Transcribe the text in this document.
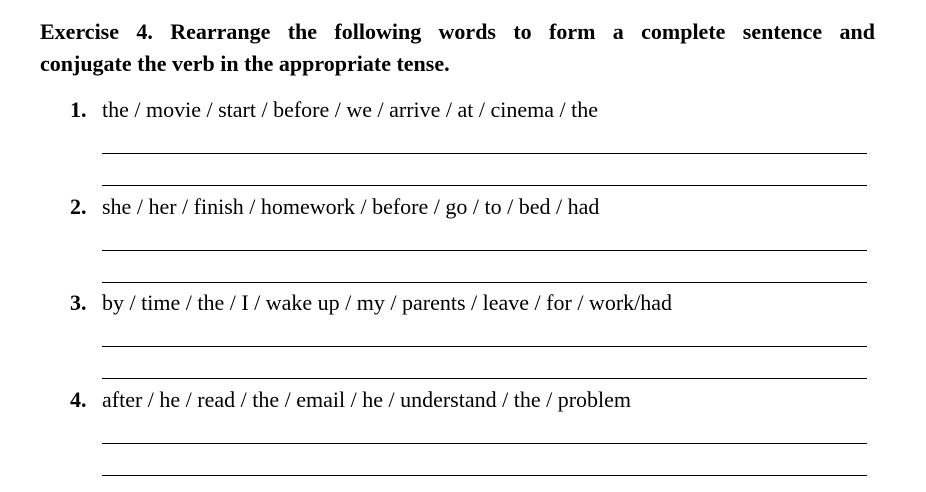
Exercise 4. Rearrange the following words to form a complete sentence and
conjugate the verb in the appropriate tense.
1. the / movie / start / before / we / arrive / at / cinema / the
2. she / her / finish / homework / before / go / to / bed / had
3. by / time / the / I / wake up / my / parents / leave / for / work/had
4. after / he / read / the / email / he / understand / the / problem
